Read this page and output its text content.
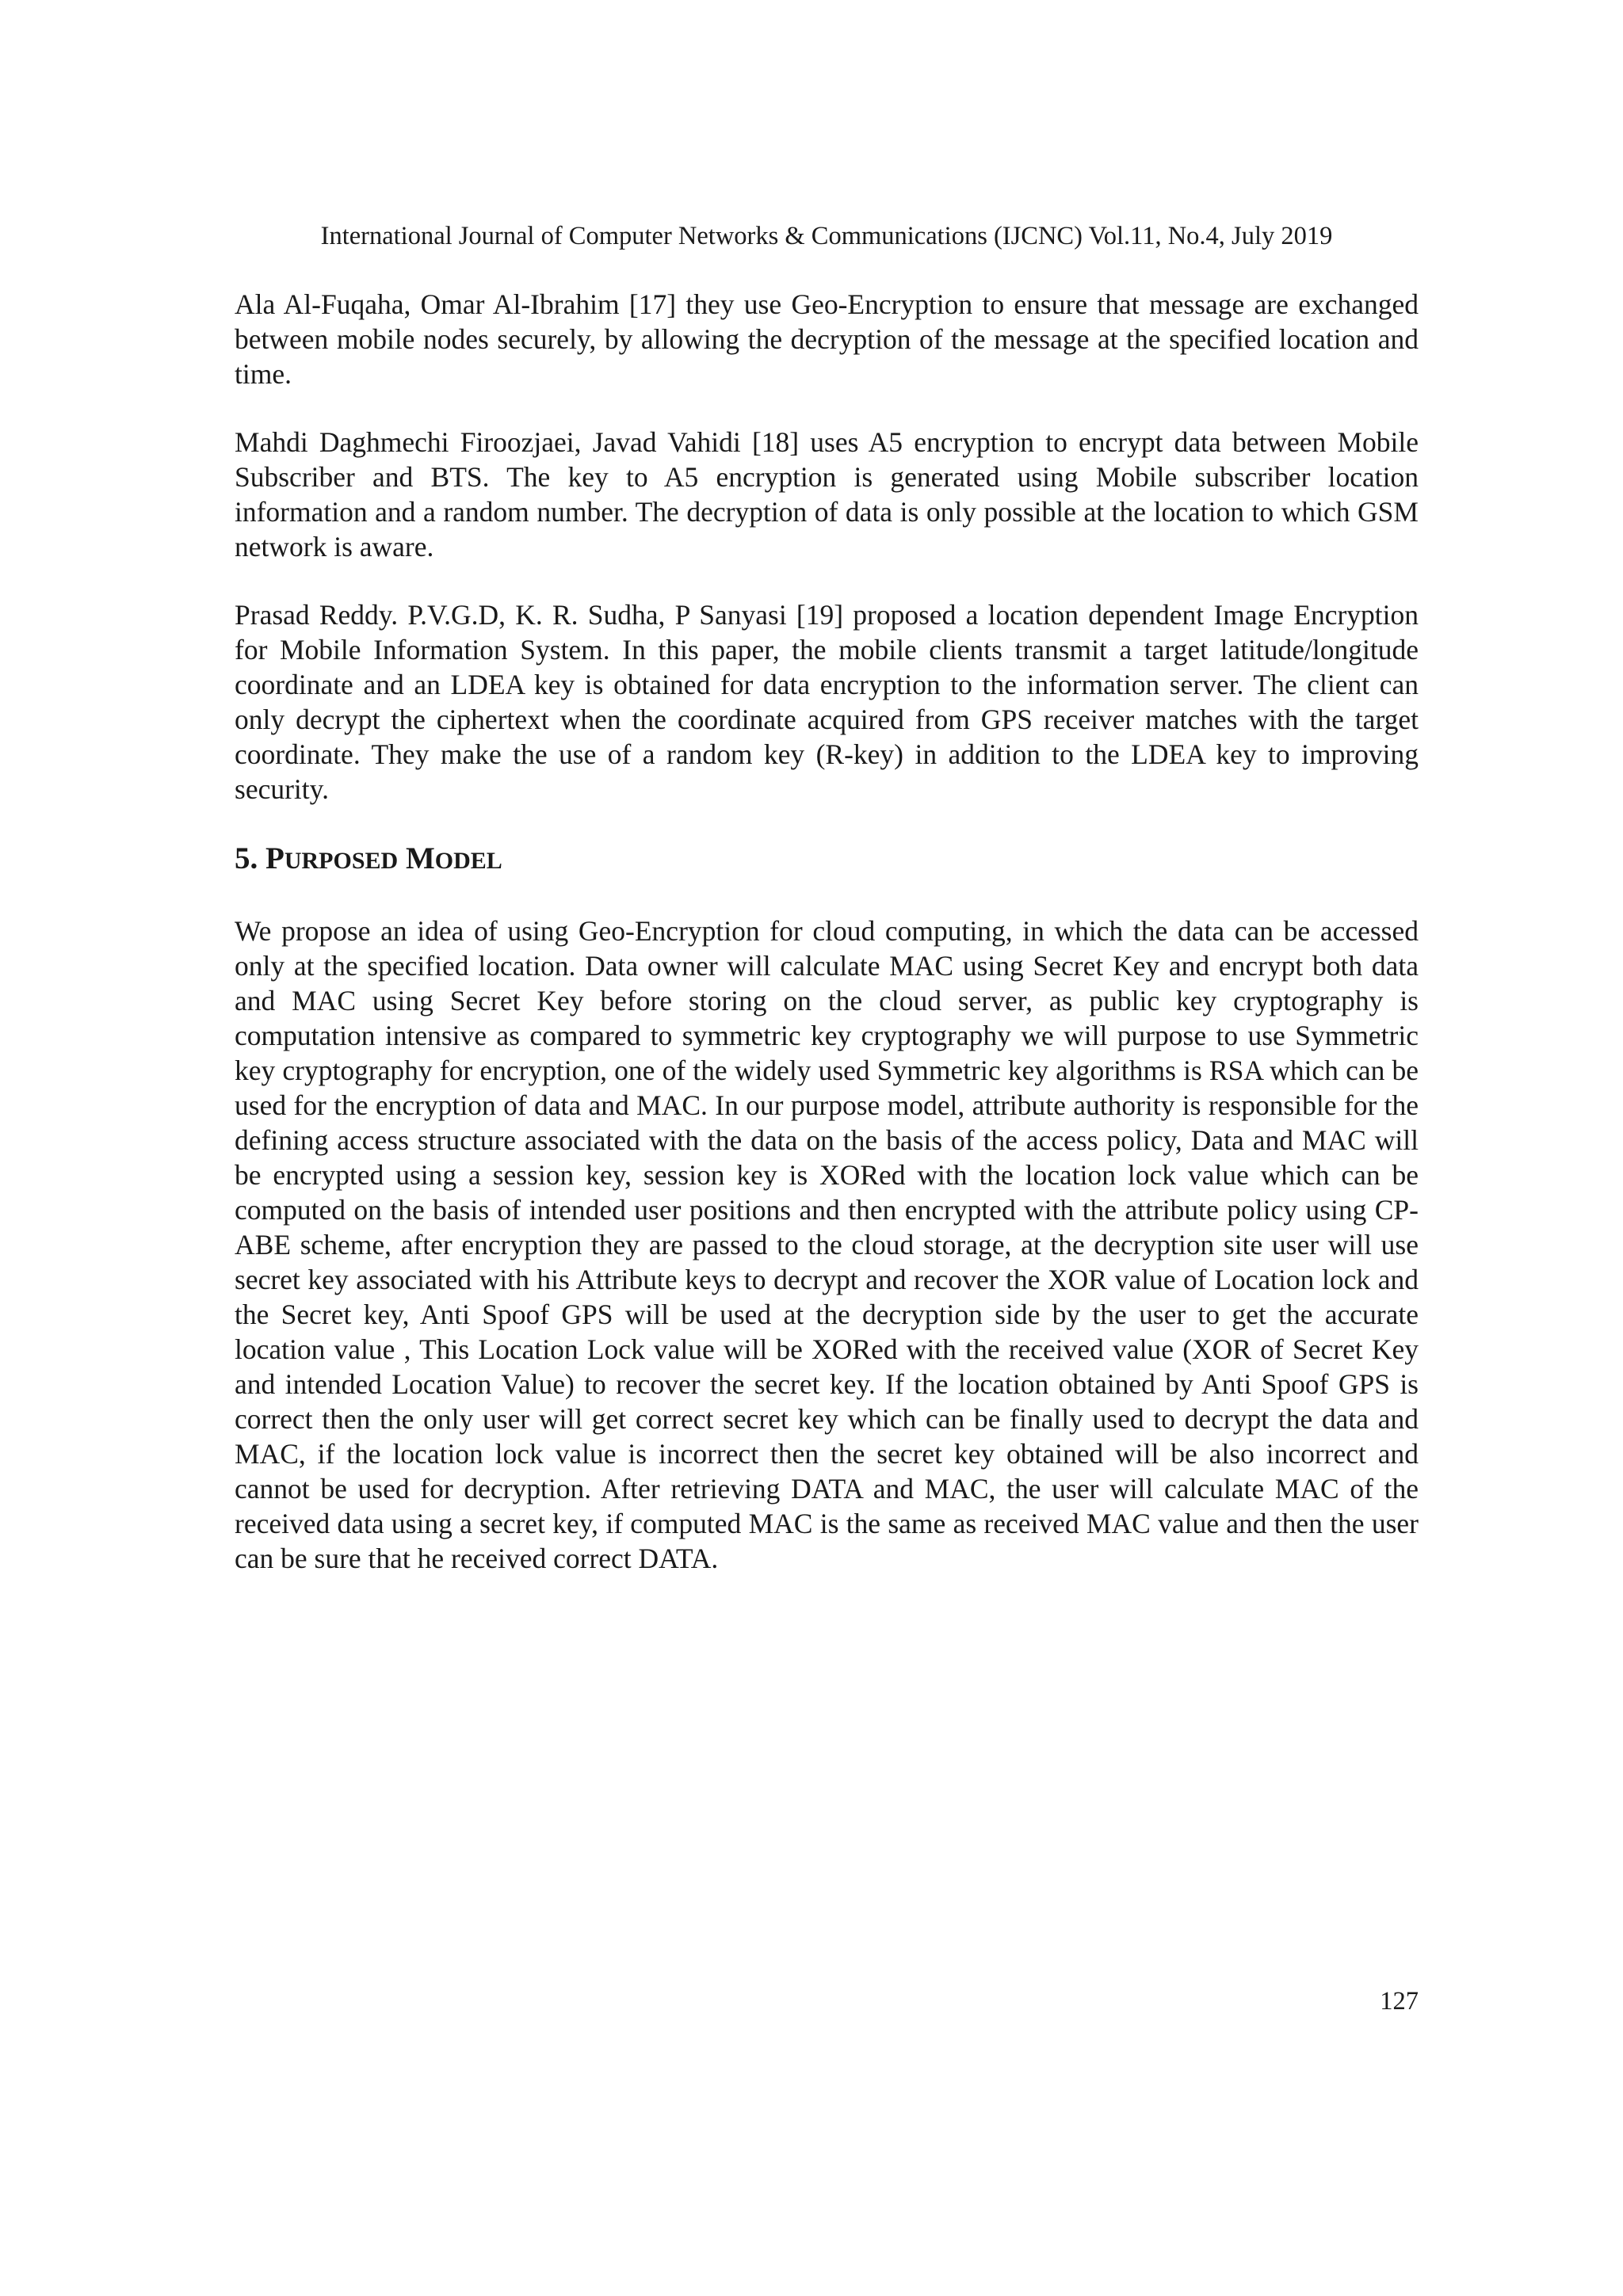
International Journal of Computer Networks & Communications (IJCNC) Vol.11, No.4, July 2019

Ala Al-Fuqaha, Omar Al-Ibrahim [17] they use Geo-Encryption to ensure that message are exchanged between mobile nodes securely, by allowing the decryption of the message at the specified location and time.

Mahdi Daghmechi Firoozjaei, Javad Vahidi [18] uses A5 encryption to encrypt data between Mobile Subscriber and BTS. The key to A5 encryption is generated using Mobile subscriber location information and a random number. The decryption of data is only possible at the location to which GSM network is aware.

Prasad Reddy. P.V.G.D, K. R. Sudha, P Sanyasi [19] proposed a location dependent Image Encryption for Mobile Information System. In this paper, the mobile clients transmit a target latitude/longitude coordinate and an LDEA key is obtained for data encryption to the information server. The client can only decrypt the ciphertext when the coordinate acquired from GPS receiver matches with the target coordinate. They make the use of a random key (R-key) in addition to the LDEA key to improving security.

5. PURPOSED MODEL

We propose an idea of using Geo-Encryption for cloud computing, in which the data can be accessed only at the specified location. Data owner will calculate MAC using Secret Key and encrypt both data and MAC using Secret Key before storing on the cloud server, as public key cryptography is computation intensive as compared to symmetric key cryptography we will purpose to use Symmetric key cryptography for encryption, one of the widely used Symmetric key algorithms is RSA which can be used for the encryption of data and MAC. In our purpose model, attribute authority is responsible for the defining access structure associated with the data on the basis of the access policy, Data and MAC will be encrypted using a session key, session key is XORed with the location lock value which can be computed on the basis of intended user positions and then encrypted with the attribute policy using CP-ABE scheme, after encryption they are passed to the cloud storage, at the decryption site user will use secret key associated with his Attribute keys to decrypt and recover the XOR value of Location lock and the Secret key, Anti Spoof GPS will be used at the decryption side by the user to get the accurate location value , This Location Lock value will be XORed with the received value (XOR of Secret Key and intended Location Value) to recover the secret key. If the location obtained by Anti Spoof GPS is correct then the only user will get correct secret key which can be finally used to decrypt the data and MAC, if the location lock value is incorrect then the secret key obtained will be also incorrect and cannot be used for decryption. After retrieving DATA and MAC, the user will calculate MAC of the received data using a secret key, if computed MAC is the same as received MAC value and then the user can be sure that he received correct DATA.

127
